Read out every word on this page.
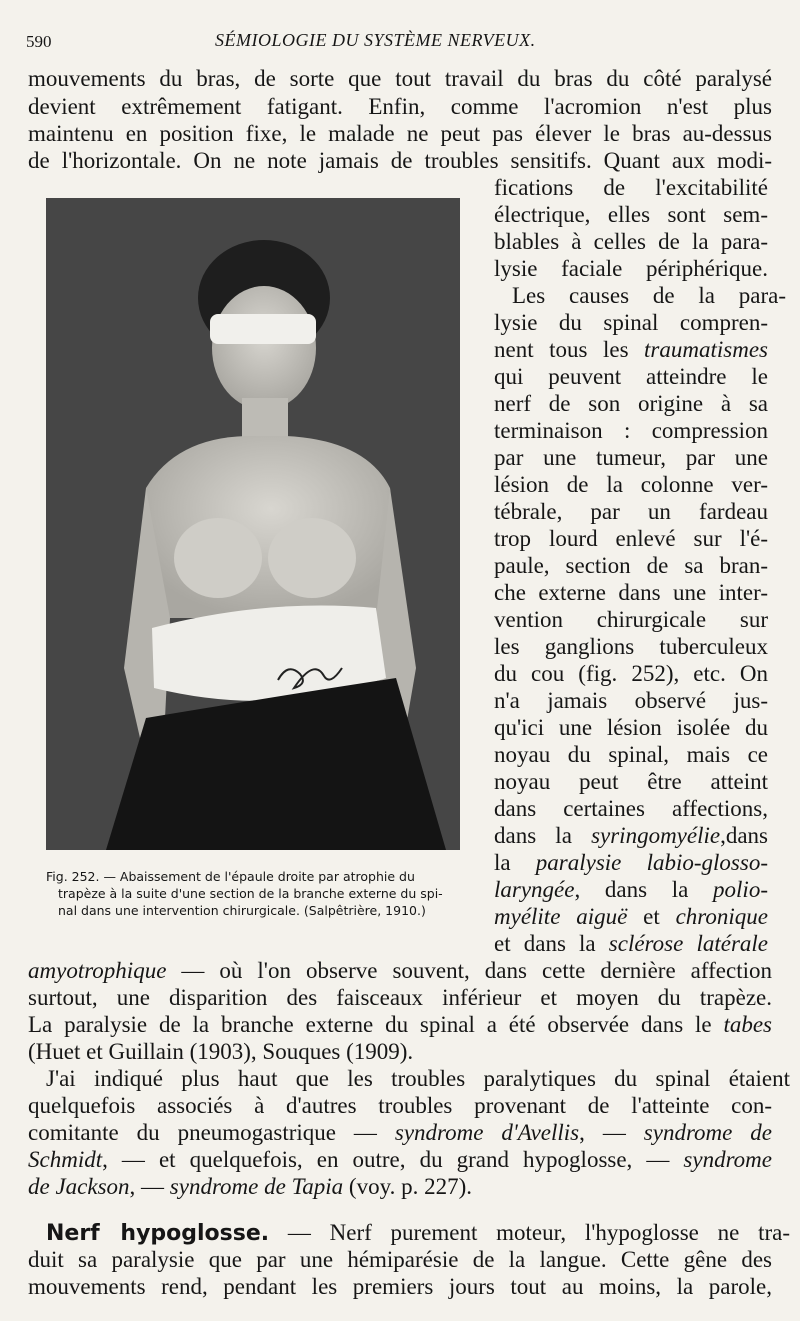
590	SÉMIOLOGIE DU SYSTÈME NERVEUX.
mouvements du bras, de sorte que tout travail du bras du côté paralysé
devient extrêmement fatigant. Enfin, comme l'acromion n'est plus
maintenu en position fixe, le malade ne peut pas élever le bras au-dessus
de l'horizontale. On ne note jamais de troubles sensitifs. Quant aux modi-
Fig. 252. — Abaissement de l'épaule droite par atrophie du
trapèze à la suite d'une section de la branche externe du spi-
nal dans une intervention chirurgicale. (Salpêtrière, 1910.)
fications de l'excitabilité
électrique, elles sont sem-
blables à celles de la para-
lysie faciale périphérique.
Les causes de la para-
lysie du spinal compren-
nent tous les traumatismes
qui peuvent atteindre le
nerf de son origine à sa
terminaison : compression
par une tumeur, par une
lésion de la colonne ver-
tébrale, par un fardeau
trop lourd enlevé sur l'é-
paule, section de sa bran-
che externe dans une inter-
vention chirurgicale sur
les ganglions tuberculeux
du cou (fig. 252), etc. On
n'a jamais observé jus-
qu'ici une lésion isolée du
noyau du spinal, mais ce
noyau peut être atteint
dans certaines affections,
dans la syringomyélie,dans
la paralysie labio-glosso-
laryngée, dans la polio-
myélite aiguë et chronique
et dans la sclérose latérale
amyotrophique — où l'on observe souvent, dans cette dernière affection
surtout, une disparition des faisceaux inférieur et moyen du trapèze.
La paralysie de la branche externe du spinal a été observée dans le tabes
(Huet et Guillain (1903), Souques (1909).
J'ai indiqué plus haut que les troubles paralytiques du spinal étaient
quelquefois associés à d'autres troubles provenant de l'atteinte con-
comitante du pneumogastrique — syndrome d'Avellis, — syndrome de
Schmidt, — et quelquefois, en outre, du grand hypoglosse, — syndrome
de Jackson, — syndrome de Tapia (voy. p. 227).
Nerf hypoglosse. — Nerf purement moteur, l'hypoglosse ne tra-
duit sa paralysie que par une hémiparésie de la langue. Cette gêne des
mouvements rend, pendant les premiers jours tout au moins, la parole,
